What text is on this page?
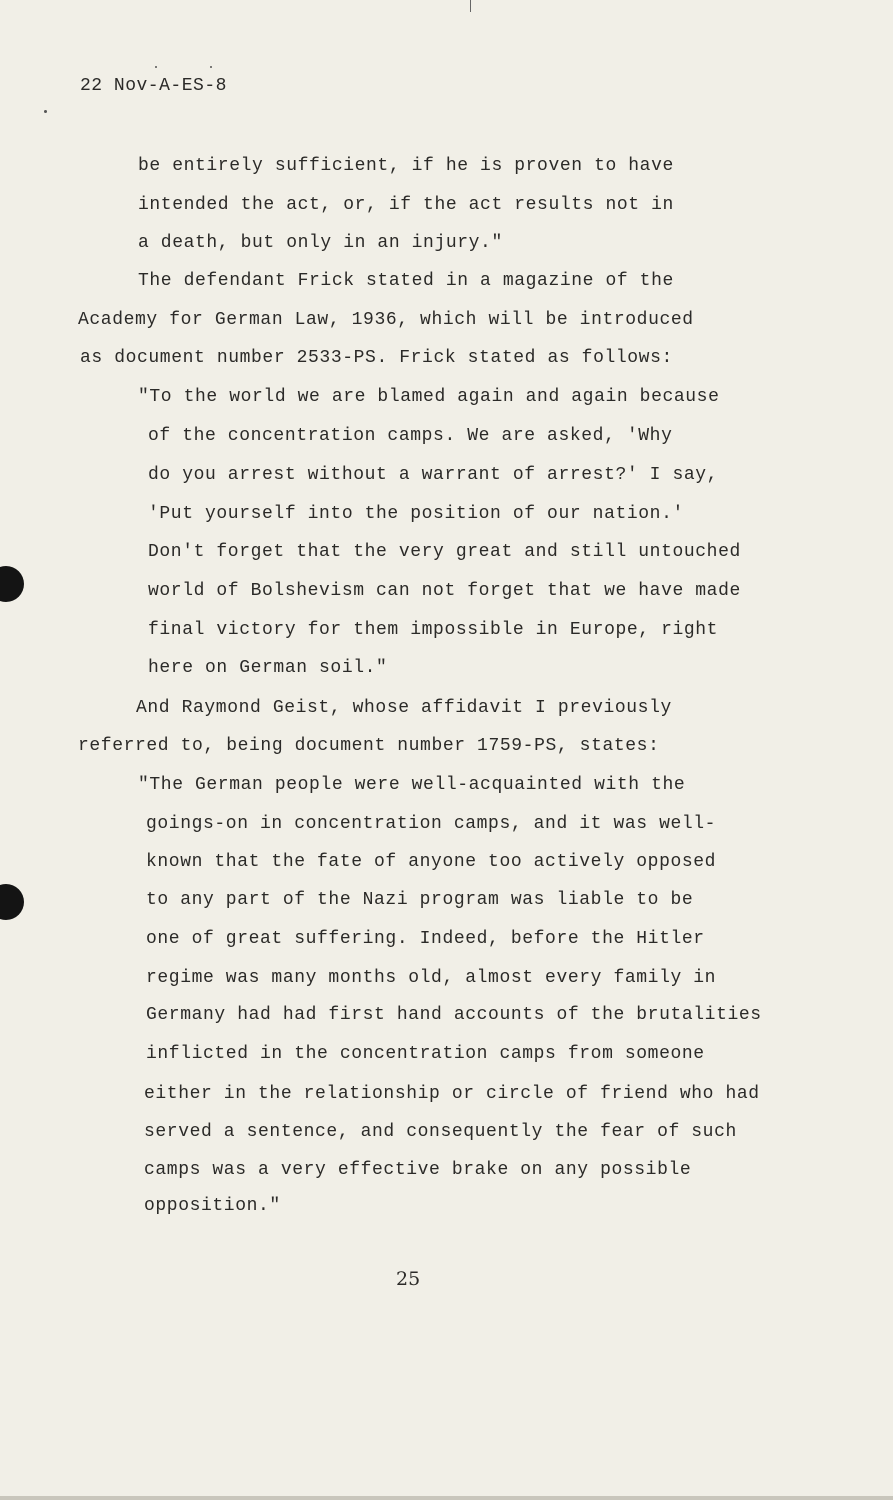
22 Nov-A-ES-8
be entirely sufficient, if he is proven to have
intended the act, or, if the act results not in
a death, but only in an injury."
The defendant Frick stated in a magazine of the
Academy for German Law, 1936, which will be introduced
as document number 2533-PS. Frick stated as follows:
"To the world we are blamed again and again because
of the concentration camps. We are asked, 'Why
do you arrest without a warrant of arrest?' I say,
'Put yourself into the position of our nation.'
Don't forget that the very great and still untouched
world of Bolshevism can not forget that we have made
final victory for them impossible in Europe, right
here on German soil."
And Raymond Geist, whose affidavit I previously
referred to, being document number 1759-PS, states:
"The German people were well-acquainted with the
goings-on in concentration camps, and it was well-
known that the fate of anyone too actively opposed
to any part of the Nazi program was liable to be
one of great suffering. Indeed, before the Hitler
regime was many months old, almost every family in
Germany had had first hand accounts of the brutalities
inflicted in the concentration camps from someone
either in the relationship or circle of friend who had
served a sentence, and consequently the fear of such
camps was a very effective brake on any possible
opposition."
25
